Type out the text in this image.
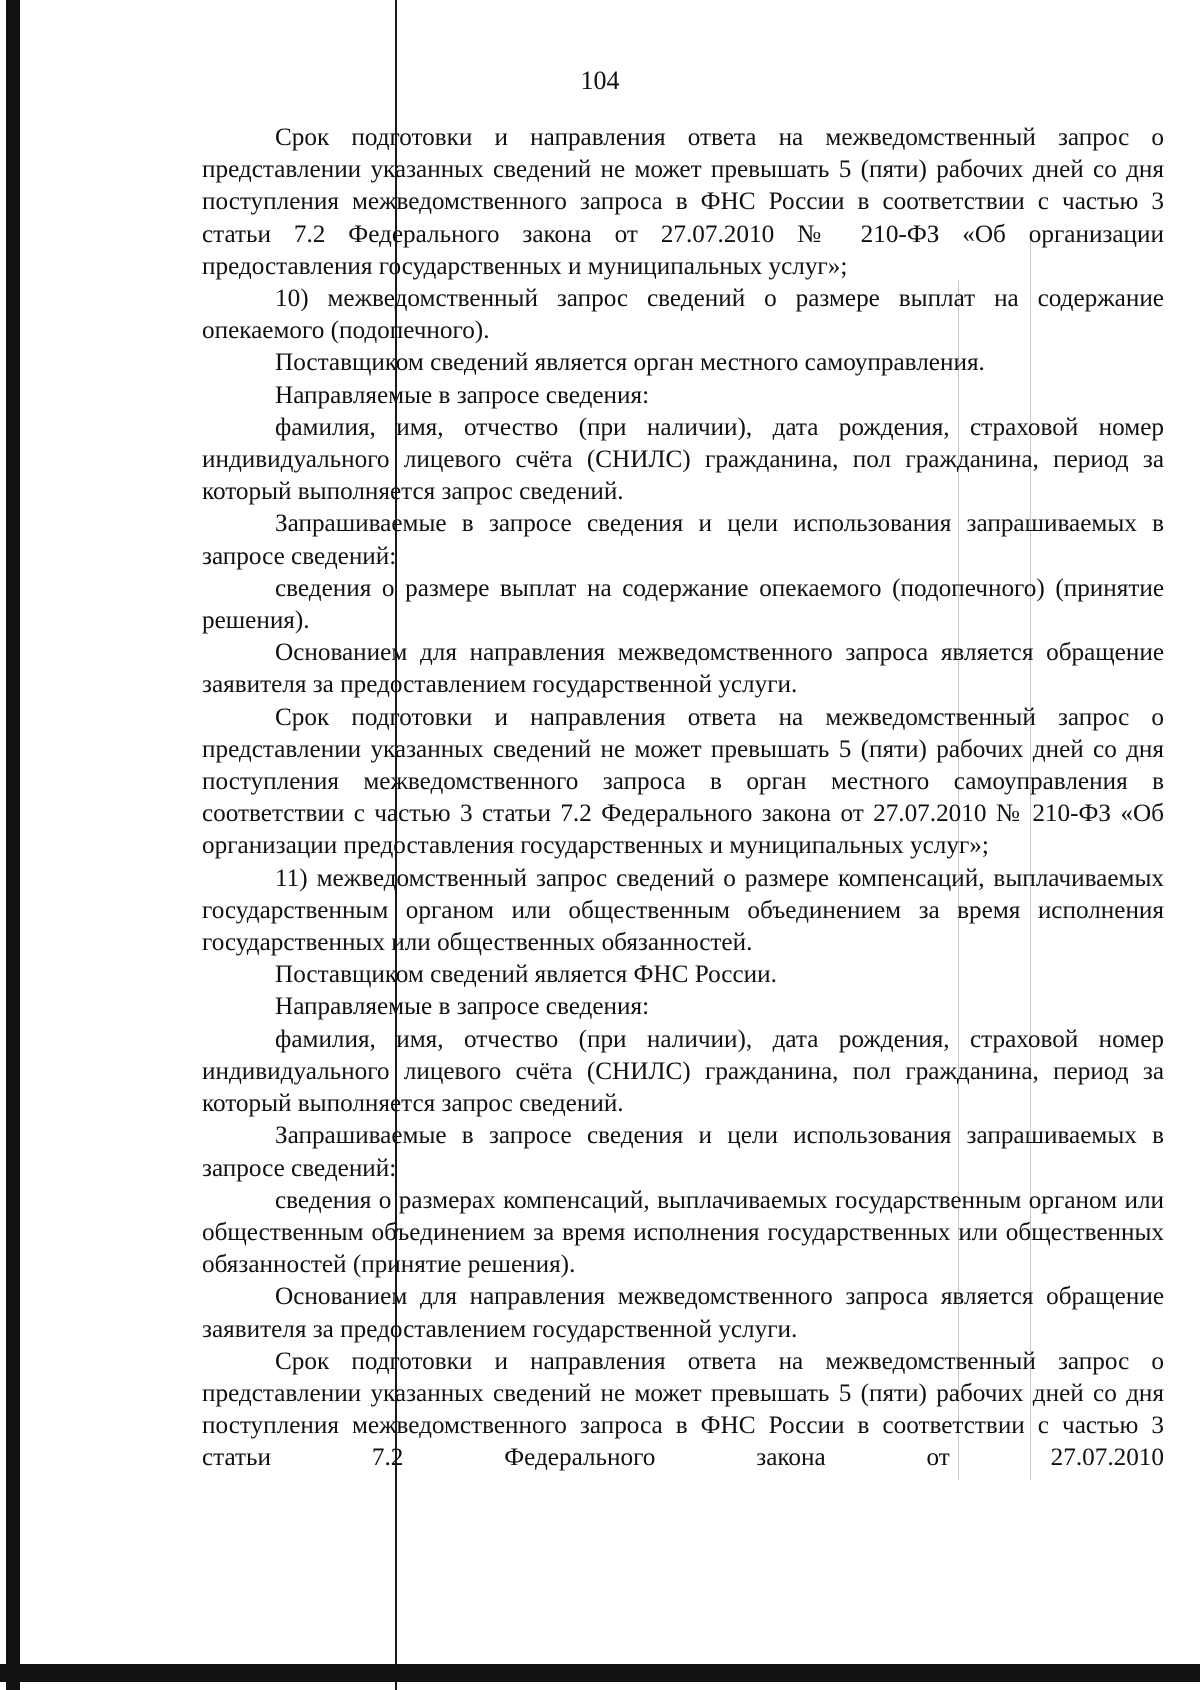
104

Срок подготовки и направления ответа на межведомственный запрос о представлении указанных сведений не может превышать 5 (пяти) рабочих дней со дня поступления межведомственного запроса в ФНС России в соответствии с частью 3 статьи 7.2 Федерального закона от 27.07.2010 № 210-ФЗ «Об организации предоставления государственных и муниципальных услуг»;

10) межведомственный запрос сведений о размере выплат на содержание опекаемого (подопечного).

Поставщиком сведений является орган местного самоуправления.

Направляемые в запросе сведения:

фамилия, имя, отчество (при наличии), дата рождения, страховой номер индивидуального лицевого счёта (СНИЛС) гражданина, пол гражданина, период за который выполняется запрос сведений.

Запрашиваемые в запросе сведения и цели использования запрашиваемых в запросе сведений:

сведения о размере выплат на содержание опекаемого (подопечного) (принятие решения).

Основанием для направления межведомственного запроса является обращение заявителя за предоставлением государственной услуги.

Срок подготовки и направления ответа на межведомственный запрос о представлении указанных сведений не может превышать 5 (пяти) рабочих дней со дня поступления межведомственного запроса в орган местного самоуправления в соответствии с частью 3 статьи 7.2 Федерального закона от 27.07.2010 № 210-ФЗ «Об организации предоставления государственных и муниципальных услуг»;

11) межведомственный запрос сведений о размере компенсаций, выплачиваемых государственным органом или общественным объединением за время исполнения государственных или общественных обязанностей.

Поставщиком сведений является ФНС России.

Направляемые в запросе сведения:

фамилия, имя, отчество (при наличии), дата рождения, страховой номер индивидуального лицевого счёта (СНИЛС) гражданина, пол гражданина, период за который выполняется запрос сведений.

Запрашиваемые в запросе сведения и цели использования запрашиваемых в запросе сведений:

сведения о размерах компенсаций, выплачиваемых государственным органом или общественным объединением за время исполнения государственных или общественных обязанностей (принятие решения).

Основанием для направления межведомственного запроса является обращение заявителя за предоставлением государственной услуги.

Срок подготовки и направления ответа на межведомственный запрос о представлении указанных сведений не может превышать 5 (пяти) рабочих дней со дня поступления межведомственного запроса в ФНС России в соответствии с частью 3 статьи 7.2 Федерального закона от 27.07.2010
